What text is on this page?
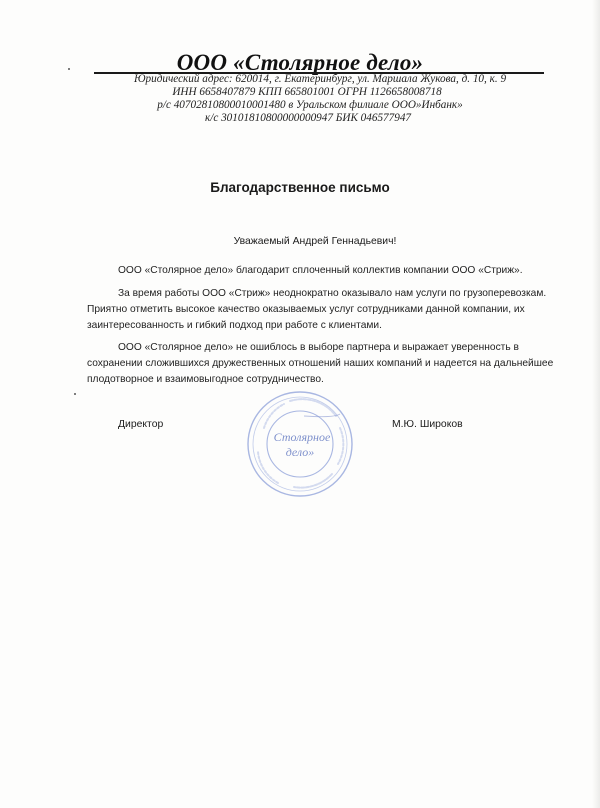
ООО «Столярное дело»
Юридический адрес: 620014, г. Екатеринбург, ул. Маршала Жукова, д. 10, к. 9
ИНН 6658407879 КПП 665801001 ОГРН 1126658008718
р/с 40702810800010001480 в Уральском филиале ООО»Инбанк»
к/с 30101810800000000947 БИК 046577947
Благодарственное письмо
Уважаемый Андрей Геннадьевич!
ООО «Столярное дело» благодарит сплоченный коллектив компании ООО «Стриж».
За время работы ООО «Стриж» неоднократно оказывало нам услуги по грузоперевозкам.
Приятно отметить высокое качество оказываемых услуг сотрудниками данной компании, их
заинтересованность и гибкий подход при работе с клиентами.
ООО «Столярное дело» не ошиблось в выборе партнера и выражает уверенность в
сохранении сложившихся дружественных отношений наших компаний и надеется на дальнейшее
плодотворное и взаимовыгодное сотрудничество.
Директор
Столярное
дело»
М.Ю. Широков
